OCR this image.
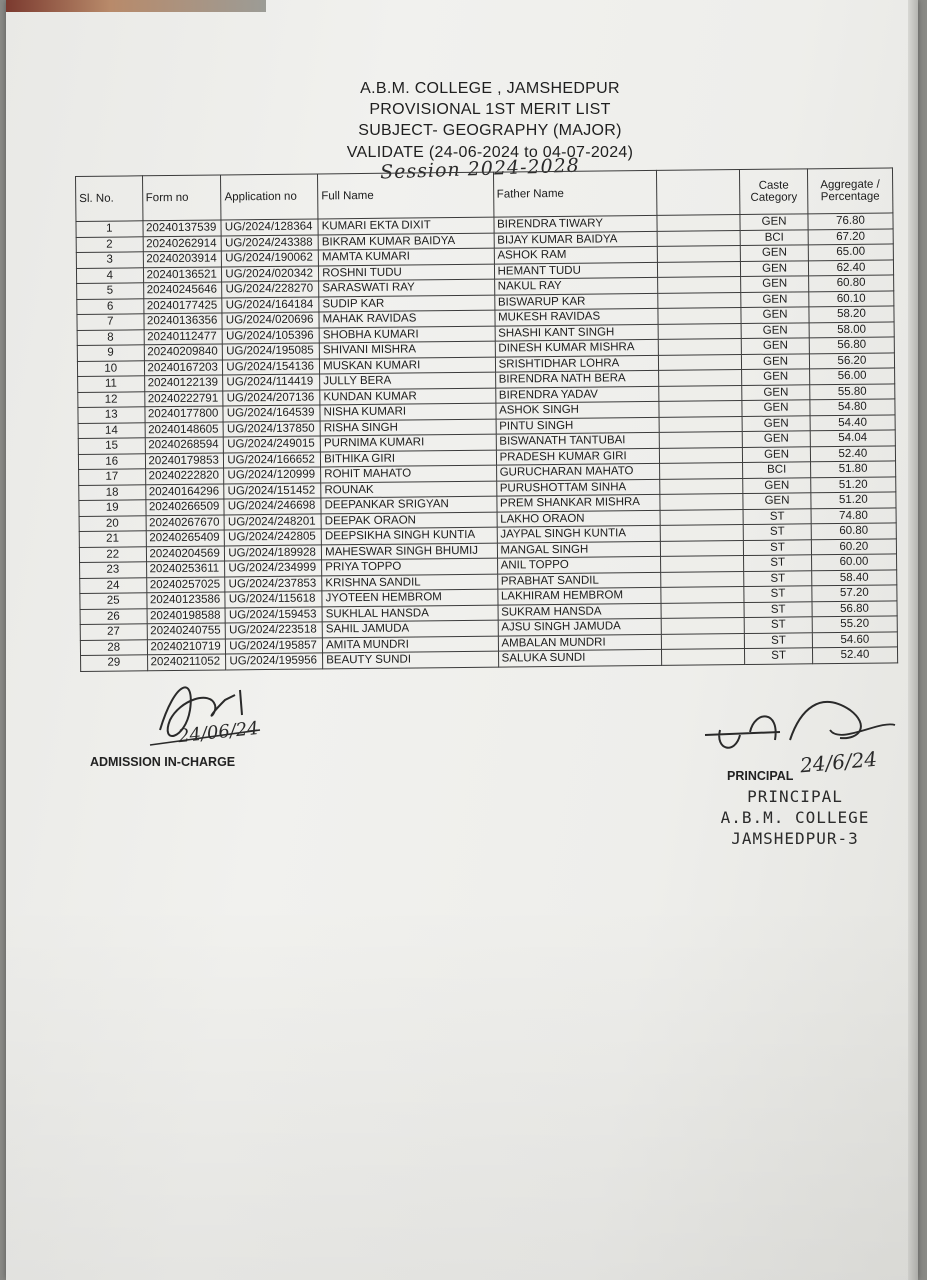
A.B.M. COLLEGE , JAMSHEDPUR
PROVISIONAL 1ST MERIT LIST
SUBJECT- GEOGRAPHY (MAJOR)
VALIDATE (24-06-2024 to 04-07-2024)
Session 2024-2028
Sl. No.	Form no	Application no	Full Name	Father Name		Caste Category	Aggregate / Percentage
1	20240137539	UG/2024/128364	KUMARI EKTA DIXIT	BIRENDRA TIWARY		GEN	76.80
2	20240262914	UG/2024/243388	BIKRAM KUMAR BAIDYA	BIJAY KUMAR BAIDYA		BCI	67.20
3	20240203914	UG/2024/190062	MAMTA KUMARI	ASHOK RAM		GEN	65.00
4	20240136521	UG/2024/020342	ROSHNI TUDU	HEMANT TUDU		GEN	62.40
5	20240245646	UG/2024/228270	SARASWATI RAY	NAKUL RAY		GEN	60.80
6	20240177425	UG/2024/164184	SUDIP KAR	BISWARUP KAR		GEN	60.10
7	20240136356	UG/2024/020696	MAHAK RAVIDAS	MUKESH RAVIDAS		GEN	58.20
8	20240112477	UG/2024/105396	SHOBHA KUMARI	SHASHI KANT SINGH		GEN	58.00
9	20240209840	UG/2024/195085	SHIVANI MISHRA	DINESH KUMAR MISHRA		GEN	56.80
10	20240167203	UG/2024/154136	MUSKAN KUMARI	SRISHTIDHAR LOHRA		GEN	56.20
11	20240122139	UG/2024/114419	JULLY BERA	BIRENDRA NATH BERA		GEN	56.00
12	20240222791	UG/2024/207136	KUNDAN KUMAR	BIRENDRA YADAV		GEN	55.80
13	20240177800	UG/2024/164539	NISHA KUMARI	ASHOK SINGH		GEN	54.80
14	20240148605	UG/2024/137850	RISHA SINGH	PINTU SINGH		GEN	54.40
15	20240268594	UG/2024/249015	PURNIMA KUMARI	BISWANATH TANTUBAI		GEN	54.04
16	20240179853	UG/2024/166652	BITHIKA GIRI	PRADESH KUMAR GIRI		GEN	52.40
17	20240222820	UG/2024/120999	ROHIT MAHATO	GURUCHARAN MAHATO		BCI	51.80
18	20240164296	UG/2024/151452	ROUNAK	PURUSHOTTAM SINHA		GEN	51.20
19	20240266509	UG/2024/246698	DEEPANKAR SRIGYAN	PREM SHANKAR MISHRA		GEN	51.20
20	20240267670	UG/2024/248201	DEEPAK ORAON	LAKHO ORAON		ST	74.80
21	20240265409	UG/2024/242805	DEEPSIKHA SINGH KUNTIA	JAYPAL SINGH KUNTIA		ST	60.80
22	20240204569	UG/2024/189928	MAHESWAR SINGH BHUMIJ	MANGAL SINGH		ST	60.20
23	20240253611	UG/2024/234999	PRIYA TOPPO	ANIL TOPPO		ST	60.00
24	20240257025	UG/2024/237853	KRISHNA SANDIL	PRABHAT SANDIL		ST	58.40
25	20240123586	UG/2024/115618	JYOTEEN HEMBROM	LAKHIRAM HEMBROM		ST	57.20
26	20240198588	UG/2024/159453	SUKHLAL HANSDA	SUKRAM HANSDA		ST	56.80
27	20240240755	UG/2024/223518	SAHIL JAMUDA	AJSU SINGH JAMUDA		ST	55.20
28	20240210719	UG/2024/195857	AMITA MUNDRI	AMBALAN MUNDRI		ST	54.60
29	20240211052	UG/2024/195956	BEAUTY SUNDI	SALUKA SUNDI		ST	52.40
24/06/24
ADMISSION IN-CHARGE	24/6/24
PRINCIPAL
PRINCIPAL
A.B.M. COLLEGE
JAMSHEDPUR-3
